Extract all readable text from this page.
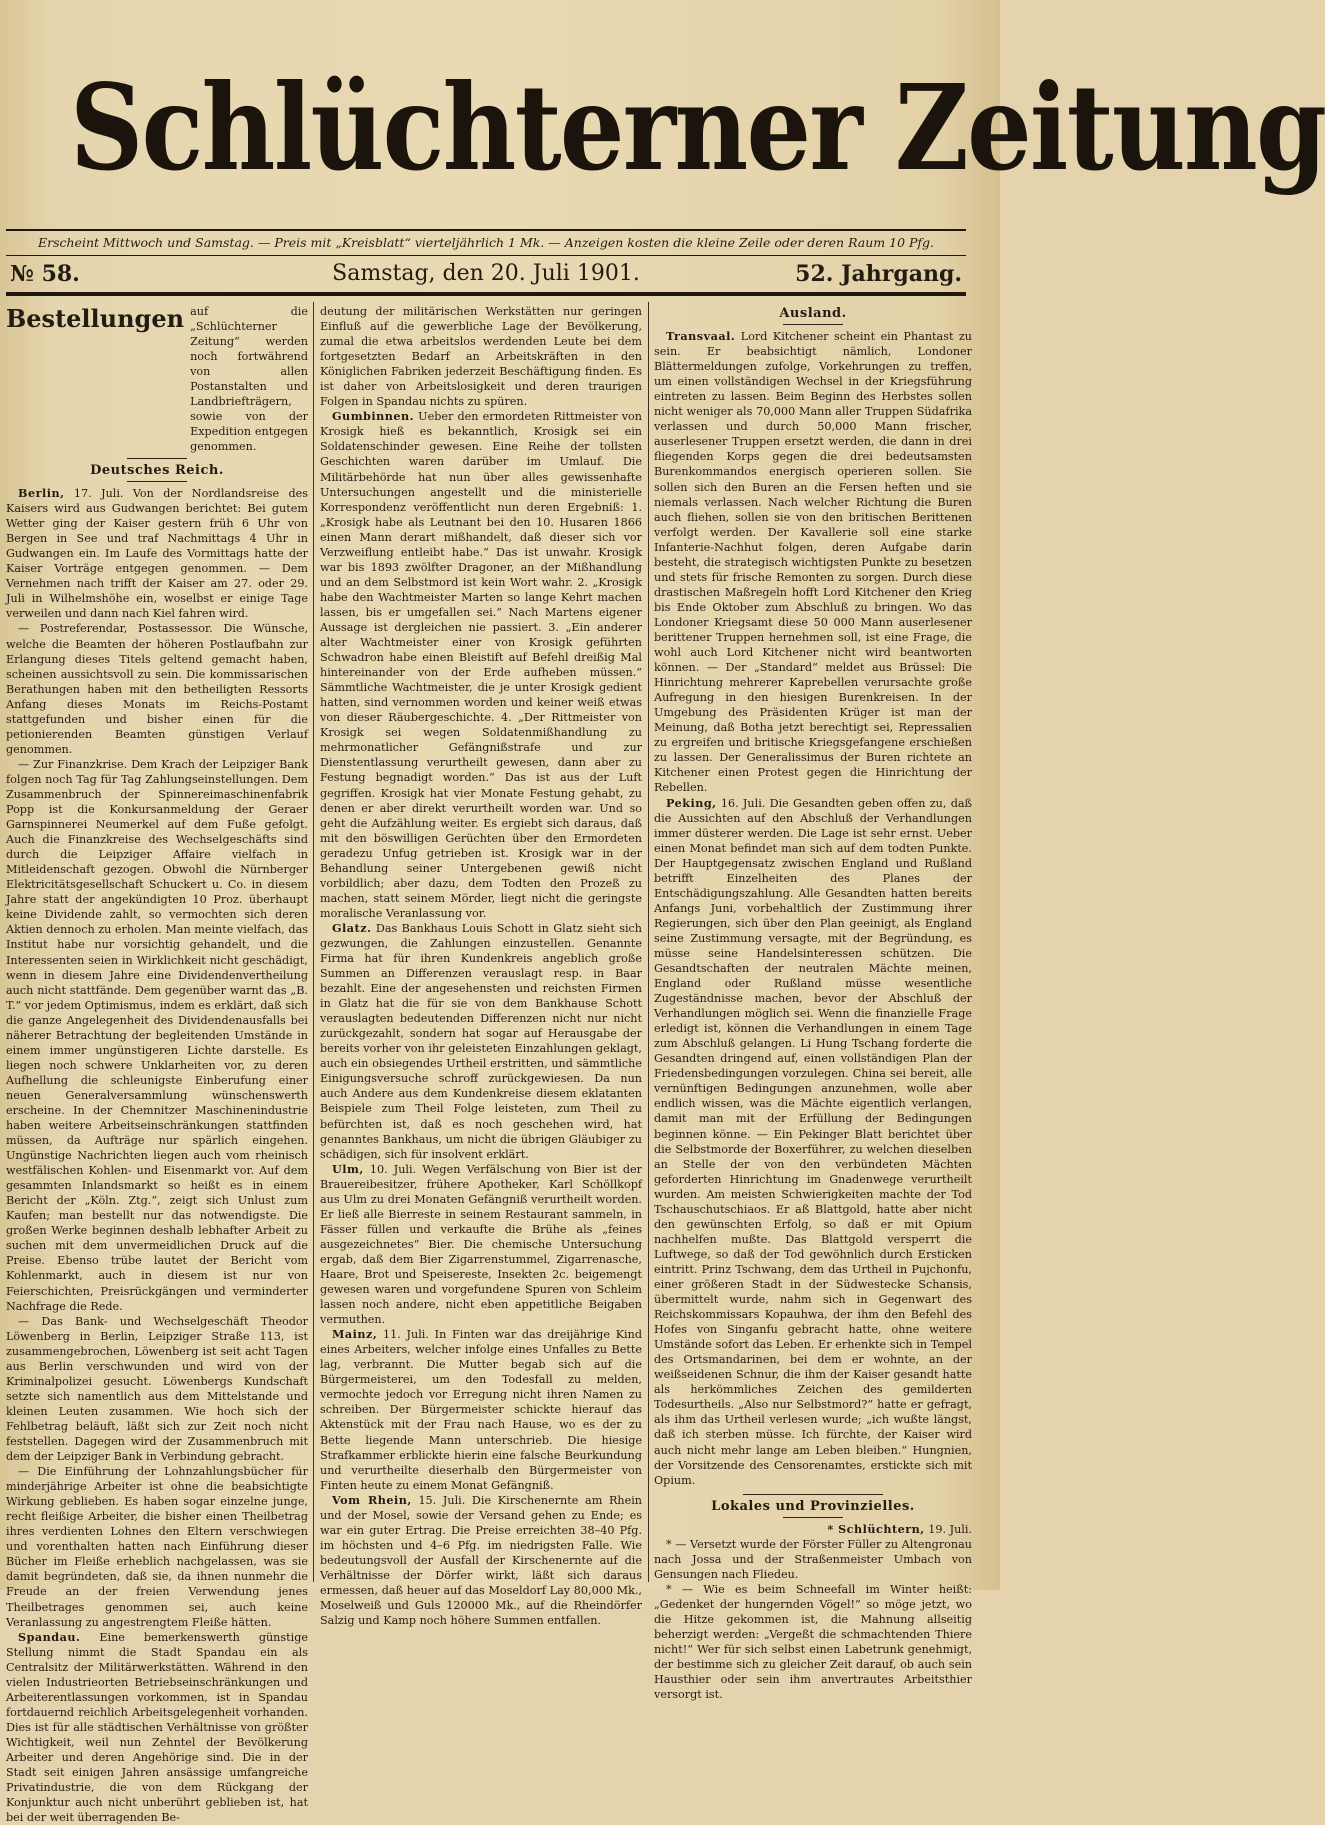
Schlüchterner Zeitung
Erscheint Mittwoch und Samstag. — Preis mit „Kreisblatt“ vierteljährlich 1 Mk. — Anzeigen kosten die kleine Zeile oder deren Raum 10 Pfg.
№ 58.	Samstag, den 20. Juli 1901.	52. Jahrgang.
Bestellungen auf die „Schlüchterner Zeitung“ werden noch fortwährend von allen Postanstalten und Landbriefträgern, sowie von der Expedition entgegen genommen.
Deutsches Reich.

Berlin, 17. Juli. Von der Nordlandsreise des Kaisers wird aus Gudwangen berichtet: Bei gutem Wetter ging der Kaiser gestern früh 6 Uhr von Bergen in See und traf Nachmittags 4 Uhr in Gudwangen ein. Im Laufe des Vormittags hatte der Kaiser Vorträge entgegen genommen. — Dem Vernehmen nach trifft der Kaiser am 27. oder 29. Juli in Wilhelmshöhe ein, woselbst er einige Tage verweilen und dann nach Kiel fahren wird.

— Postreferendar, Postassessor. Die Wünsche, welche die Beamten der höheren Postlaufbahn zur Erlangung dieses Titels geltend gemacht haben, scheinen aussichtsvoll zu sein. Die kommissarischen Berathungen haben mit den betheiligten Ressorts Anfang dieses Monats im Reichs-Postamt stattgefunden und bisher einen für die petionierenden Beamten günstigen Verlauf genommen.

— Zur Finanzkrise. Dem Krach der Leipziger Bank folgen noch Tag für Tag Zahlungseinstellungen. Dem Zusammenbruch der Spinnereimaschinenfabrik Popp ist die Konkursanmeldung der Geraer Garnspinnerei Neumerkel auf dem Fuße gefolgt. Auch die Finanzkreise des Wechselgeschäfts sind durch die Leipziger Affaire vielfach in Mitleidenschaft gezogen. Obwohl die Nürnberger Elektricitätsgesellschaft Schuckert u. Co. in diesem Jahre statt der angekündigten 10 Proz. überhaupt keine Dividende zahlt, so vermochten sich deren Aktien dennoch zu erholen. Man meinte vielfach, das Institut habe nur vorsichtig gehandelt, und die Interessenten seien in Wirklichkeit nicht geschädigt, wenn in diesem Jahre eine Dividendenvertheilung auch nicht stattfände. Dem gegenüber warnt das „B. T.“ vor jedem Optimismus, indem es erklärt, daß sich die ganze Angelegenheit des Dividendenausfalls bei näherer Betrachtung der begleitenden Umstände in einem immer ungünstigeren Lichte darstelle. Es liegen noch schwere Unklarheiten vor, zu deren Aufhellung die schleunigste Einberufung einer neuen Generalversammlung wünschenswerth erscheine. In der Chemnitzer Maschinenindustrie haben weitere Arbeitseinschränkungen stattfinden müssen, da Aufträge nur spärlich eingehen. Ungünstige Nachrichten liegen auch vom rheinisch westfälischen Kohlen- und Eisenmarkt vor. Auf dem gesammten Inlandsmarkt so heißt es in einem Bericht der „Köln. Ztg.“, zeigt sich Unlust zum Kaufen; man bestellt nur das notwendigste. Die großen Werke beginnen deshalb lebhafter Arbeit zu suchen mit dem unvermeidlichen Druck auf die Preise. Ebenso trübe lautet der Bericht vom Kohlenmarkt, auch in diesem ist nur von Feierschichten, Preisrückgängen und verminderter Nachfrage die Rede.

— Das Bank- und Wechselgeschäft Theodor Löwenberg in Berlin, Leipziger Straße 113, ist zusammengebrochen, Löwenberg ist seit acht Tagen aus Berlin verschwunden und wird von der Kriminalpolizei gesucht. Löwenbergs Kundschaft setzte sich namentlich aus dem Mittelstande und kleinen Leuten zusammen. Wie hoch sich der Fehlbetrag beläuft, läßt sich zur Zeit noch nicht feststellen. Dagegen wird der Zusammenbruch mit dem der Leipziger Bank in Verbindung gebracht.

— Die Einführung der Lohnzahlungsbücher für minderjährige Arbeiter ist ohne die beabsichtigte Wirkung geblieben. Es haben sogar einzelne junge, recht fleißige Arbeiter, die bisher einen Theilbetrag ihres verdienten Lohnes den Eltern verschwiegen und vorenthalten hatten nach Einführung dieser Bücher im Fleiße erheblich nachgelassen, was sie damit begründeten, daß sie, da ihnen nunmehr die Freude an der freien Verwendung jenes Theilbetrages genommen sei, auch keine Veranlassung zu angestrengtem Fleiße hätten.

Spandau. Eine bemerkenswerth günstige Stellung nimmt die Stadt Spandau ein als Centralsitz der Militärwerkstätten. Während in den vielen Industrieorten Betriebseinschränkungen und Arbeiterentlassungen vorkommen, ist in Spandau fortdauernd reichlich Arbeitsgelegenheit vorhanden. Dies ist für alle städtischen Verhältnisse von größter Wichtigkeit, weil nun Zehntel der Bevölkerung Arbeiter und deren Angehörige sind. Die in der Stadt seit einigen Jahren ansässige umfangreiche Privatindustrie, die von dem Rückgang der Konjunktur auch nicht unberührt geblieben ist, hat bei der weit überragenden Be-

deutung der militärischen Werkstätten nur geringen Einfluß auf die gewerbliche Lage der Bevölkerung, zumal die etwa arbeitslos werdenden Leute bei dem fortgesetzten Bedarf an Arbeitskräften in den Königlichen Fabriken jederzeit Beschäftigung finden. Es ist daher von Arbeitslosigkeit und deren traurigen Folgen in Spandau nichts zu spüren.

Gumbinnen. Ueber den ermordeten Rittmeister von Krosigk hieß es bekanntlich, Krosigk sei ein Soldatenschinder gewesen. Eine Reihe der tollsten Geschichten waren darüber im Umlauf. Die Militärbehörde hat nun über alles gewissenhafte Untersuchungen angestellt und die ministerielle Korrespondenz veröffentlicht nun deren Ergebniß: 1. „Krosigk habe als Leutnant bei den 10. Husaren 1866 einen Mann derart mißhandelt, daß dieser sich vor Verzweiflung entleibt habe.“ Das ist unwahr. Krosigk war bis 1893 zwölfter Dragoner, an der Mißhandlung und an dem Selbstmord ist kein Wort wahr. 2. „Krosigk habe den Wachtmeister Marten so lange Kehrt machen lassen, bis er umgefallen sei.“ Nach Martens eigener Aussage ist dergleichen nie passiert. 3. „Ein anderer alter Wachtmeister einer von Krosigk geführten Schwadron habe einen Bleistift auf Befehl dreißig Mal hintereinander von der Erde aufheben müssen.“ Sämmtliche Wachtmeister, die je unter Krosigk gedient hatten, sind vernommen worden und keiner weiß etwas von dieser Räubergeschichte. 4. „Der Rittmeister von Krosigk sei wegen Soldatenmißhandlung zu mehrmonatlicher Gefängnißstrafe und zur Dienstentlassung verurtheilt gewesen, dann aber zu Festung begnadigt worden.“ Das ist aus der Luft gegriffen. Krosigk hat vier Monate Festung gehabt, zu denen er aber direkt verurtheilt worden war. Und so geht die Aufzählung weiter. Es ergiebt sich daraus, daß mit den böswilligen Gerüchten über den Ermordeten geradezu Unfug getrieben ist. Krosigk war in der Behandlung seiner Untergebenen gewiß nicht vorbildlich; aber dazu, dem Todten den Prozeß zu machen, statt seinem Mörder, liegt nicht die geringste moralische Veranlassung vor.

Glatz. Das Bankhaus Louis Schott in Glatz sieht sich gezwungen, die Zahlungen einzustellen. Genannte Firma hat für ihren Kundenkreis angeblich große Summen an Differenzen verauslagt resp. in Baar bezahlt. Eine der angesehensten und reichsten Firmen in Glatz hat die für sie von dem Bankhause Schott verauslagten bedeutenden Differenzen nicht nur nicht zurückgezahlt, sondern hat sogar auf Herausgabe der bereits vorher von ihr geleisteten Einzahlungen geklagt, auch ein obsiegendes Urtheil erstritten, und sämmtliche Einigungsversuche schroff zurückgewiesen. Da nun auch Andere aus dem Kundenkreise diesem eklatanten Beispiele zum Theil Folge leisteten, zum Theil zu befürchten ist, daß es noch geschehen wird, hat genanntes Bankhaus, um nicht die übrigen Gläubiger zu schädigen, sich für insolvent erklärt.

Ulm, 10. Juli. Wegen Verfälschung von Bier ist der Brauereibesitzer, frühere Apotheker, Karl Schöllkopf aus Ulm zu drei Monaten Gefängniß verurtheilt worden. Er ließ alle Bierreste in seinem Restaurant sammeln, in Fässer füllen und verkaufte die Brühe als „feines ausgezeichnetes“ Bier. Die chemische Untersuchung ergab, daß dem Bier Zigarrenstummel, Zigarrenasche, Haare, Brot und Speisereste, Insekten 2c. beigemengt gewesen waren und vorgefundene Spuren von Schleim lassen noch andere, nicht eben appetitliche Beigaben vermuthen.

Mainz, 11. Juli. In Finten war das dreijährige Kind eines Arbeiters, welcher infolge eines Unfalles zu Bette lag, verbrannt. Die Mutter begab sich auf die Bürgermeisterei, um den Todesfall zu melden, vermochte jedoch vor Erregung nicht ihren Namen zu schreiben. Der Bürgermeister schickte hierauf das Aktenstück mit der Frau nach Hause, wo es der zu Bette liegende Mann unterschrieb. Die hiesige Strafkammer erblickte hierin eine falsche Beurkundung und verurtheilte dieserhalb den Bürgermeister von Finten heute zu einem Monat Gefängniß.

Vom Rhein, 15. Juli. Die Kirschenernte am Rhein und der Mosel, sowie der Versand gehen zu Ende; es war ein guter Ertrag. Die Preise erreichten 38–40 Pfg. im höchsten und 4–6 Pfg. im niedrigsten Falle. Wie bedeutungsvoll der Ausfall der Kirschenernte auf die Verhältnisse der Dörfer wirkt, läßt sich daraus ermessen, daß heuer auf das Moseldorf Lay 80,000 Mk., Moselweiß und Guls 120000 Mk., auf die Rheindörfer Salzig und Kamp noch höhere Summen entfallen.

Ausland.

Transvaal. Lord Kitchener scheint ein Phantast zu sein. Er beabsichtigt nämlich, Londoner Blättermeldungen zufolge, Vorkehrungen zu treffen, um einen vollständigen Wechsel in der Kriegsführung eintreten zu lassen. Beim Beginn des Herbstes sollen nicht weniger als 70,000 Mann aller Truppen Südafrika verlassen und durch 50,000 Mann frischer, auserlesener Truppen ersetzt werden, die dann in drei fliegenden Korps gegen die drei bedeutsamsten Burenkommandos energisch operieren sollen. Sie sollen sich den Buren an die Fersen heften und sie niemals verlassen. Nach welcher Richtung die Buren auch fliehen, sollen sie von den britischen Berittenen verfolgt werden. Der Kavallerie soll eine starke Infanterie-Nachhut folgen, deren Aufgabe darin besteht, die strategisch wichtigsten Punkte zu besetzen und stets für frische Remonten zu sorgen. Durch diese drastischen Maßregeln hofft Lord Kitchener den Krieg bis Ende Oktober zum Abschluß zu bringen. Wo das Londoner Kriegsamt diese 50 000 Mann auserlesener berittener Truppen hernehmen soll, ist eine Frage, die wohl auch Lord Kitchener nicht wird beantworten können. — Der „Standard“ meldet aus Brüssel: Die Hinrichtung mehrerer Kaprebellen verursachte große Aufregung in den hiesigen Burenkreisen. In der Umgebung des Präsidenten Krüger ist man der Meinung, daß Botha jetzt berechtigt sei, Repressalien zu ergreifen und britische Kriegsgefangene erschießen zu lassen. Der Generalissimus der Buren richtete an Kitchener einen Protest gegen die Hinrichtung der Rebellen.

Peking, 16. Juli. Die Gesandten geben offen zu, daß die Aussichten auf den Abschluß der Verhandlungen immer düsterer werden. Die Lage ist sehr ernst. Ueber einen Monat befindet man sich auf dem todten Punkte. Der Hauptgegensatz zwischen England und Rußland betrifft Einzelheiten des Planes der Entschädigungszahlung. Alle Gesandten hatten bereits Anfangs Juni, vorbehaltlich der Zustimmung ihrer Regierungen, sich über den Plan geeinigt, als England seine Zustimmung versagte, mit der Begründung, es müsse seine Handelsinteressen schützen. Die Gesandtschaften der neutralen Mächte meinen, England oder Rußland müsse wesentliche Zugeständnisse machen, bevor der Abschluß der Verhandlungen möglich sei. Wenn die finanzielle Frage erledigt ist, können die Verhandlungen in einem Tage zum Abschluß gelangen. Li Hung Tschang forderte die Gesandten dringend auf, einen vollständigen Plan der Friedensbedingungen vorzulegen. China sei bereit, alle vernünftigen Bedingungen anzunehmen, wolle aber endlich wissen, was die Mächte eigentlich verlangen, damit man mit der Erfüllung der Bedingungen beginnen könne. — Ein Pekinger Blatt berichtet über die Selbstmorde der Boxerführer, zu welchen dieselben an Stelle der von den verbündeten Mächten geforderten Hinrichtung im Gnadenwege verurtheilt wurden. Am meisten Schwierigkeiten machte der Tod Tschauschutschiaos. Er aß Blattgold, hatte aber nicht den gewünschten Erfolg, so daß er mit Opium nachhelfen mußte. Das Blattgold versperrt die Luftwege, so daß der Tod gewöhnlich durch Ersticken eintritt. Prinz Tschwang, dem das Urtheil in Pujchonfu, einer größeren Stadt in der Südwestecke Schansis, übermittelt wurde, nahm sich in Gegenwart des Reichskommissars Kopauhwa, der ihm den Befehl des Hofes von Singanfu gebracht hatte, ohne weitere Umstände sofort das Leben. Er erhenkte sich in Tempel des Ortsmandarinen, bei dem er wohnte, an der weißseidenen Schnur, die ihm der Kaiser gesandt hatte als herkömmliches Zeichen des gemilderten Todesurtheils. „Also nur Selbstmord?“ hatte er gefragt, als ihm das Urtheil verlesen wurde; „ich wußte längst, daß ich sterben müsse. Ich fürchte, der Kaiser wird auch nicht mehr lange am Leben bleiben.“ Hungnien, der Vorsitzende des Censorenamtes, erstickte sich mit Opium.

Lokales und Provinzielles.

* Schlüchtern, 19. Juli.

* — Versetzt wurde der Förster Füller zu Altengronau nach Jossa und der Straßenmeister Umbach von Gensungen nach Fliedeu.

* — Wie es beim Schneefall im Winter heißt: „Gedenket der hungernden Vögel!“ so möge jetzt, wo die Hitze gekommen ist, die Mahnung allseitig beherzigt werden: „Vergeßt die schmachtenden Thiere nicht!“ Wer für sich selbst einen Labetrunk genehmigt, der bestimme sich zu gleicher Zeit darauf, ob auch sein Hausthier oder sein ihm anvertrautes Arbeitsthier versorgt ist.
